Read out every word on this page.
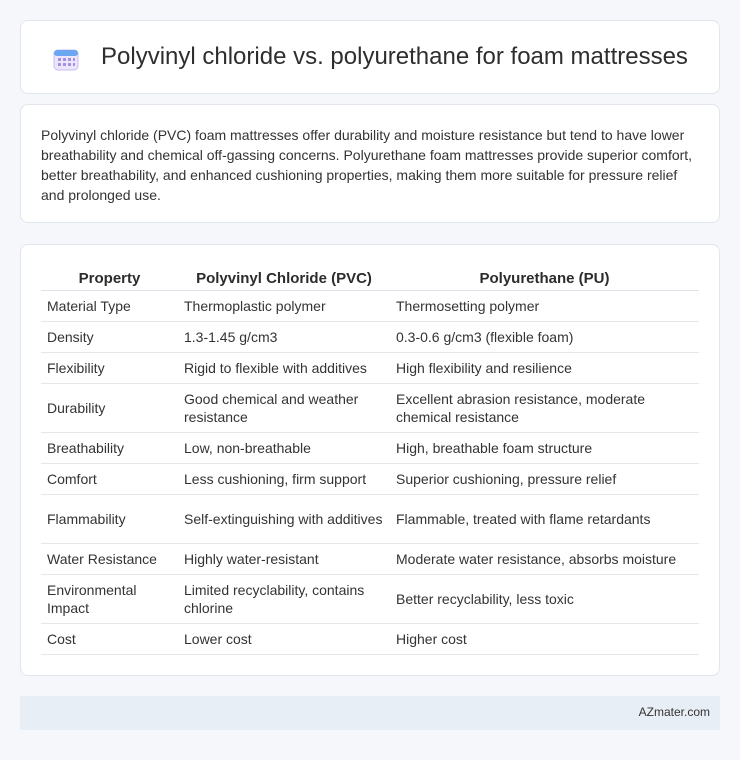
Polyvinyl chloride vs. polyurethane for foam mattresses

Polyvinyl chloride (PVC) foam mattresses offer durability and moisture resistance but tend to have lower breathability and chemical off-gassing concerns. Polyurethane foam mattresses provide superior comfort, better breathability, and enhanced cushioning properties, making them more suitable for pressure relief and prolonged use.

Property	Polyvinyl Chloride (PVC)	Polyurethane (PU)
Material Type	Thermoplastic polymer	Thermosetting polymer
Density	1.3-1.45 g/cm3	0.3-0.6 g/cm3 (flexible foam)
Flexibility	Rigid to flexible with additives	High flexibility and resilience
Durability	Good chemical and weather resistance	Excellent abrasion resistance, moderate chemical resistance
Breathability	Low, non-breathable	High, breathable foam structure
Comfort	Less cushioning, firm support	Superior cushioning, pressure relief
Flammability	Self-extinguishing with additives	Flammable, treated with flame retardants
Water Resistance	Highly water-resistant	Moderate water resistance, absorbs moisture
Environmental Impact	Limited recyclability, contains chlorine	Better recyclability, less toxic
Cost	Lower cost	Higher cost
AZmater.com
